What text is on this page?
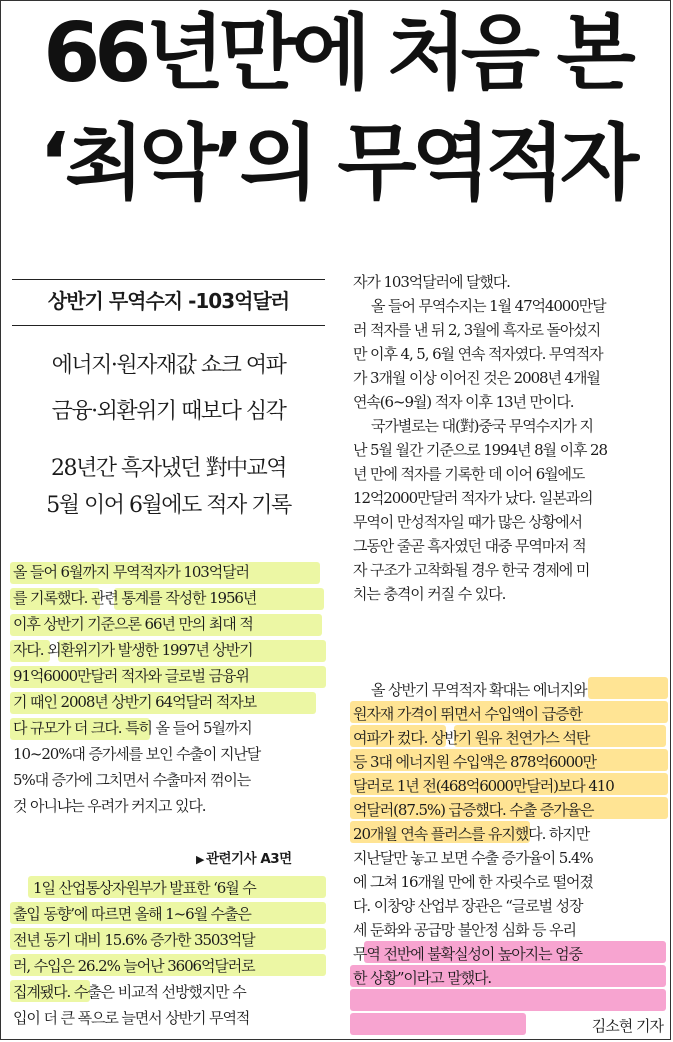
66년만에 처음 본
‘최악’의 무역적자
상반기 무역수지 -103억달러
에너지·원자재값 쇼크 여파
금융·외환위기 때보다 심각
28년간 흑자냈던 對中교역
5월 이어 6월에도 적자 기록
올 들어 6월까지 무역적자가 103억달러
를 기록했다. 관련 통계를 작성한 1956년
이후 상반기 기준으론 66년 만의 최대 적
자다. 외환위기가 발생한 1997년 상반기
91억6000만달러 적자와 글로벌 금융위
기 때인 2008년 상반기 64억달러 적자보
다 규모가 더 크다. 특히 올 들어 5월까지
10~20%대 증가세를 보인 수출이 지난달
5%대 증가에 그치면서 수출마저 꺾이는
것 아니냐는 우려가 커지고 있다.
1일 산업통상자원부가 발표한 ‘6월 수
출입 동향’에 따르면 올해 1~6월 수출은
전년 동기 대비 15.6% 증가한 3503억달
러, 수입은 26.2% 늘어난 3606억달러로
집계됐다. 수출은 비교적 선방했지만 수
입이 더 큰 폭으로 늘면서 상반기 무역적
▶ 관련기사 A3면
자가 103억달러에 달했다.
올 들어 무역수지는 1월 47억4000만달
러 적자를 낸 뒤 2, 3월에 흑자로 돌아섰지
만 이후 4, 5, 6월 연속 적자였다. 무역적자
가 3개월 이상 이어진 것은 2008년 4개월
연속(6~9월) 적자 이후 13년 만이다.
국가별로는 대(對)중국 무역수지가 지
난 5월 월간 기준으로 1994년 8월 이후 28
년 만에 적자를 기록한 데 이어 6월에도
12억2000만달러 적자가 났다. 일본과의
무역이 만성적자일 때가 많은 상황에서
그동안 줄곧 흑자였던 대중 무역마저 적
자 구조가 고착화될 경우 한국 경제에 미
치는 충격이 커질 수 있다.
올 상반기 무역적자 확대는 에너지와
원자재 가격이 뛰면서 수입액이 급증한
여파가 컸다. 상반기 원유 천연가스 석탄
등 3대 에너지원 수입액은 878억6000만
달러로 1년 전(468억6000만달러)보다 410
억달러(87.5%) 급증했다. 수출 증가율은
20개월 연속 플러스를 유지했다. 하지만
지난달만 놓고 보면 수출 증가율이 5.4%
에 그쳐 16개월 만에 한 자릿수로 떨어졌
다. 이창양 산업부 장관은 “글로벌 성장
세 둔화와 공급망 불안정 심화 등 우리
무역 전반에 불확실성이 높아지는 엄중
한 상황”이라고 말했다.
김소현 기자
